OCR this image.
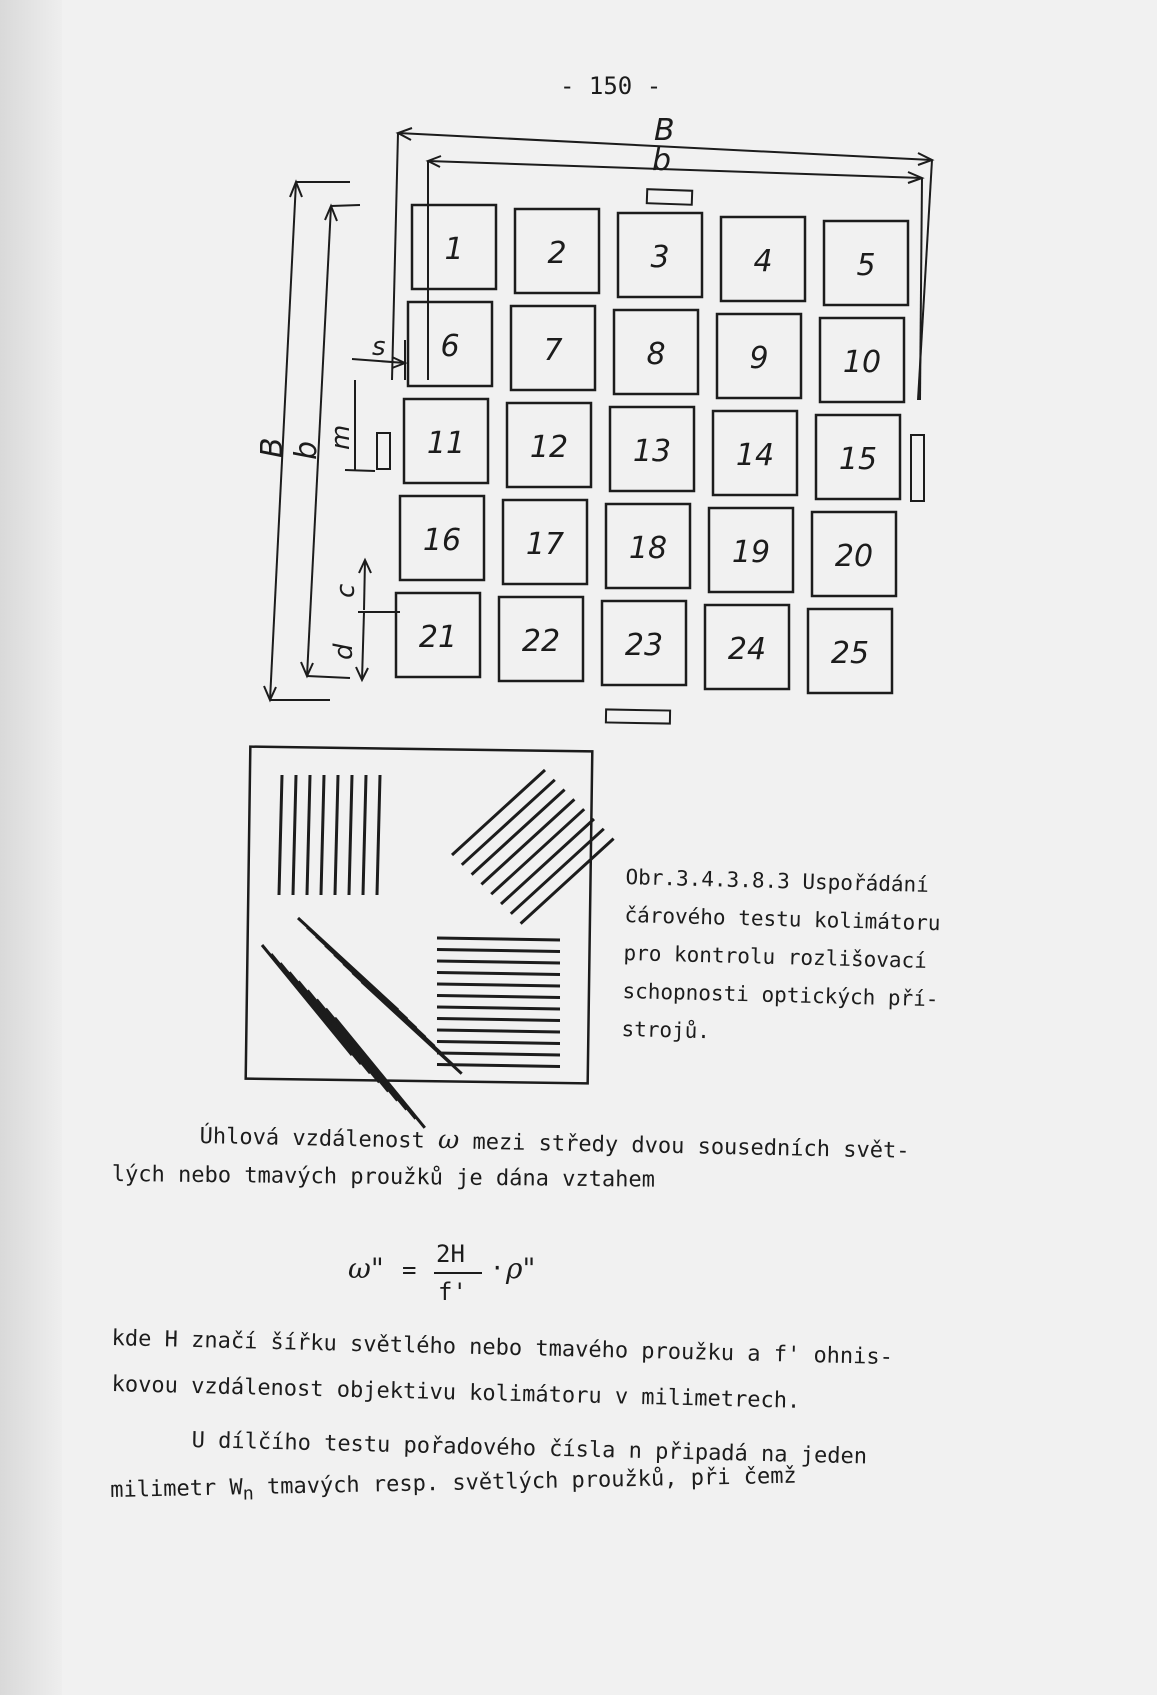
- 150 -
1	2	3	4	5
6	7	8	9 10
11 12 13 14 15
16 17 18 19 20
21 22 23 24 25
B
b
B b
s
m
c
d
Obr.3.4.3.8.3 Uspořádání
čárového testu kolimátoru
pro kontrolu rozlišovací
schopnosti optických pří-
strojů.
Úhlová vzdálenost ω mezi středy dvou sousedních svět-
lých nebo tmavých proužků je dána vztahem
ω" =
2H
f'
· ρ"
kde H značí šířku světlého nebo tmavého proužku a f' ohnis-
kovou vzdálenost objektivu kolimátoru v milimetrech.
U dílčího testu pořadového čísla n připadá na jeden
milimetr $W_n$ tmavých resp. světlých proužků, při čemž
